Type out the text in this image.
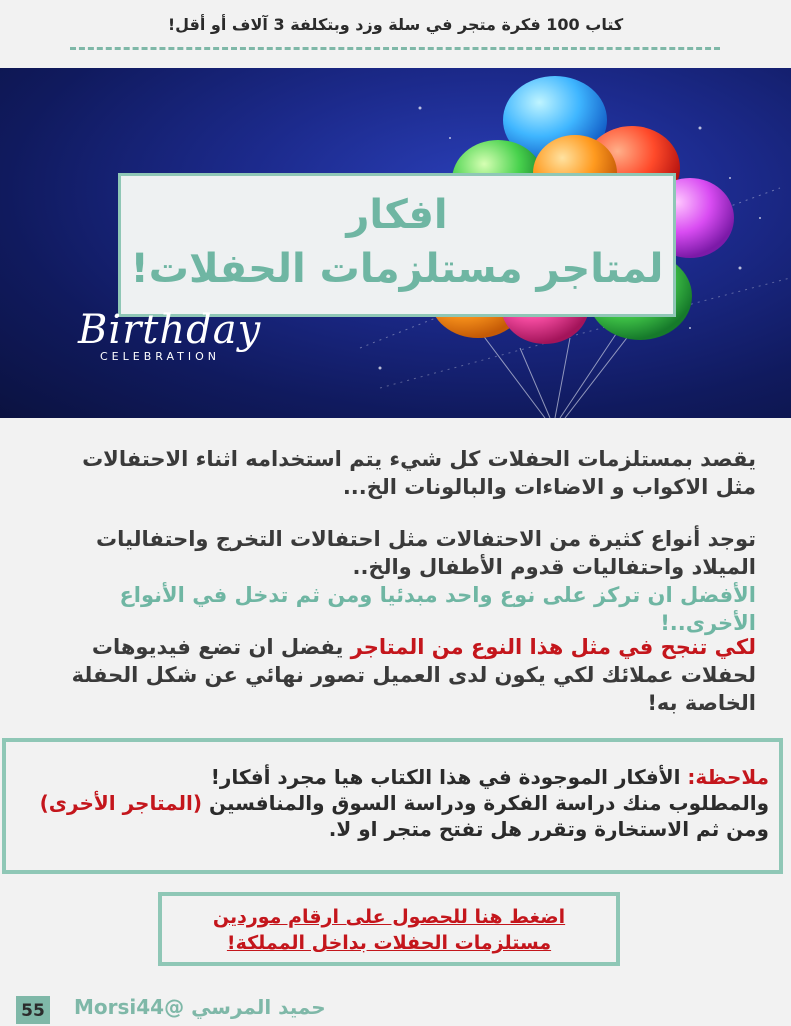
كتاب 100 فكرة متجر في سلة وزد وبتكلفة 3 آلاف أو أقل!
افكار
لمتاجر مستلزمات الحفلات!
Birthday
CELEBRATION
يقصد بمستلزمات الحفلات كل شيء يتم استخدامه اثناء الاحتفالات مثل الاكواب و الاضاءات والبالونات الخ...
توجد أنواع كثيرة من الاحتفالات مثل احتفالات التخرج واحتفاليات الميلاد واحتفاليات قدوم الأطفال والخ..
الأفضل ان تركز على نوع واحد مبدئيا ومن ثم تدخل في الأنواع الأخرى..!
لكي تنجح في مثل هذا النوع من المتاجر يفضل ان تضع فيديوهات لحفلات عملائك لكي يكون لدى العميل تصور نهائي عن شكل الحفلة الخاصة به!
ملاحظة: الأفكار الموجودة في هذا الكتاب هيا مجرد أفكار!
والمطلوب منك دراسة الفكرة ودراسة السوق والمنافسين (المتاجر الأخرى)
ومن ثم الاستخارة وتقرر هل تفتح متجر او لا.
اضغط هنا للحصول على ارقام موردين
مستلزمات الحفلات بداخل المملكة!
55 حميد المرسي @Morsi44
